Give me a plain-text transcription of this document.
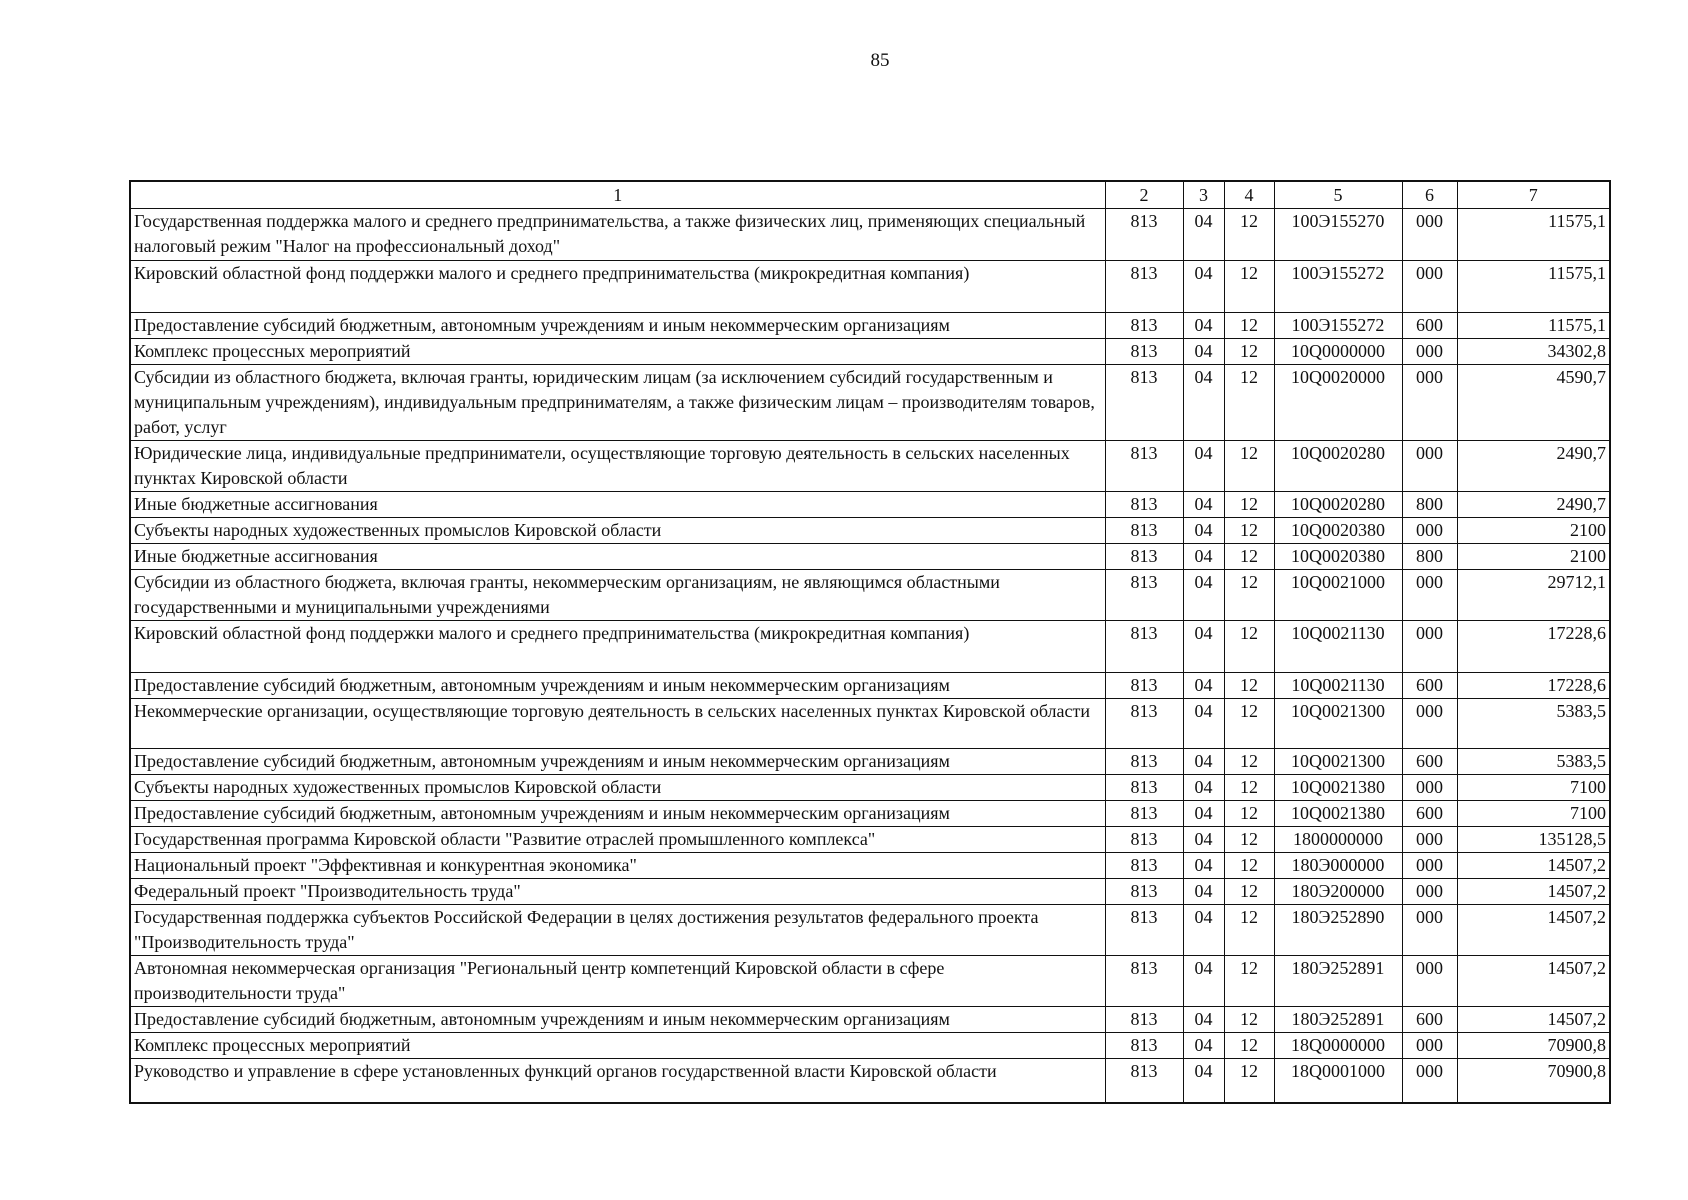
85
1	2	3	4	5	6	7
Государственная поддержка малого и среднего предпринимательства, а также физических лиц, применяющих специальный налоговый режим "Налог на профессиональный доход"	813	04	12	100Э155270	000	11575,1
Кировский областной фонд поддержки малого и среднего предпринимательства (микрокредитная компания)	813	04	12	100Э155272	000	11575,1
Предоставление субсидий бюджетным, автономным учреждениям и иным некоммерческим организациям	813	04	12	100Э155272	600	11575,1
Комплекс процессных мероприятий	813	04	12	10Q0000000	000	34302,8
Субсидии из областного бюджета, включая гранты, юридическим лицам (за исключением субсидий государственным и муниципальным учреждениям), индивидуальным предпринимателям, а также физическим лицам – производителям товаров, работ, услуг	813	04	12	10Q0020000	000	4590,7
Юридические лица, индивидуальные предприниматели, осуществляющие торговую деятельность в сельских населенных пунктах Кировской области	813	04	12	10Q0020280	000	2490,7
Иные бюджетные ассигнования	813	04	12	10Q0020280	800	2490,7
Субъекты народных художественных промыслов Кировской области	813	04	12	10Q0020380	000	2100
Иные бюджетные ассигнования	813	04	12	10Q0020380	800	2100
Субсидии из областного бюджета, включая гранты, некоммерческим организациям, не являющимся областными государственными и муниципальными учреждениями	813	04	12	10Q0021000	000	29712,1
Кировский областной фонд поддержки малого и среднего предпринимательства (микрокредитная компания)	813	04	12	10Q0021130	000	17228,6
Предоставление субсидий бюджетным, автономным учреждениям и иным некоммерческим организациям	813	04	12	10Q0021130	600	17228,6
Некоммерческие организации, осуществляющие торговую деятельность в сельских населенных пунктах Кировской области	813	04	12	10Q0021300	000	5383,5
Предоставление субсидий бюджетным, автономным учреждениям и иным некоммерческим организациям	813	04	12	10Q0021300	600	5383,5
Субъекты народных художественных промыслов Кировской области	813	04	12	10Q0021380	000	7100
Предоставление субсидий бюджетным, автономным учреждениям и иным некоммерческим организациям	813	04	12	10Q0021380	600	7100
Государственная программа Кировской области "Развитие отраслей промышленного комплекса"	813	04	12	1800000000	000	135128,5
Национальный проект "Эффективная и конкурентная экономика"	813	04	12	180Э000000	000	14507,2
Федеральный проект "Производительность труда"	813	04	12	180Э200000	000	14507,2
Государственная поддержка субъектов Российской Федерации в целях достижения результатов федерального проекта "Производительность труда"	813	04	12	180Э252890	000	14507,2
Автономная некоммерческая организация "Региональный центр компетенций Кировской области в сфере производительности труда"	813	04	12	180Э252891	000	14507,2
Предоставление субсидий бюджетным, автономным учреждениям и иным некоммерческим организациям	813	04	12	180Э252891	600	14507,2
Комплекс процессных мероприятий	813	04	12	18Q0000000	000	70900,8
Руководство и управление в сфере установленных функций органов государственной власти Кировской области	813	04	12	18Q0001000	000	70900,8
